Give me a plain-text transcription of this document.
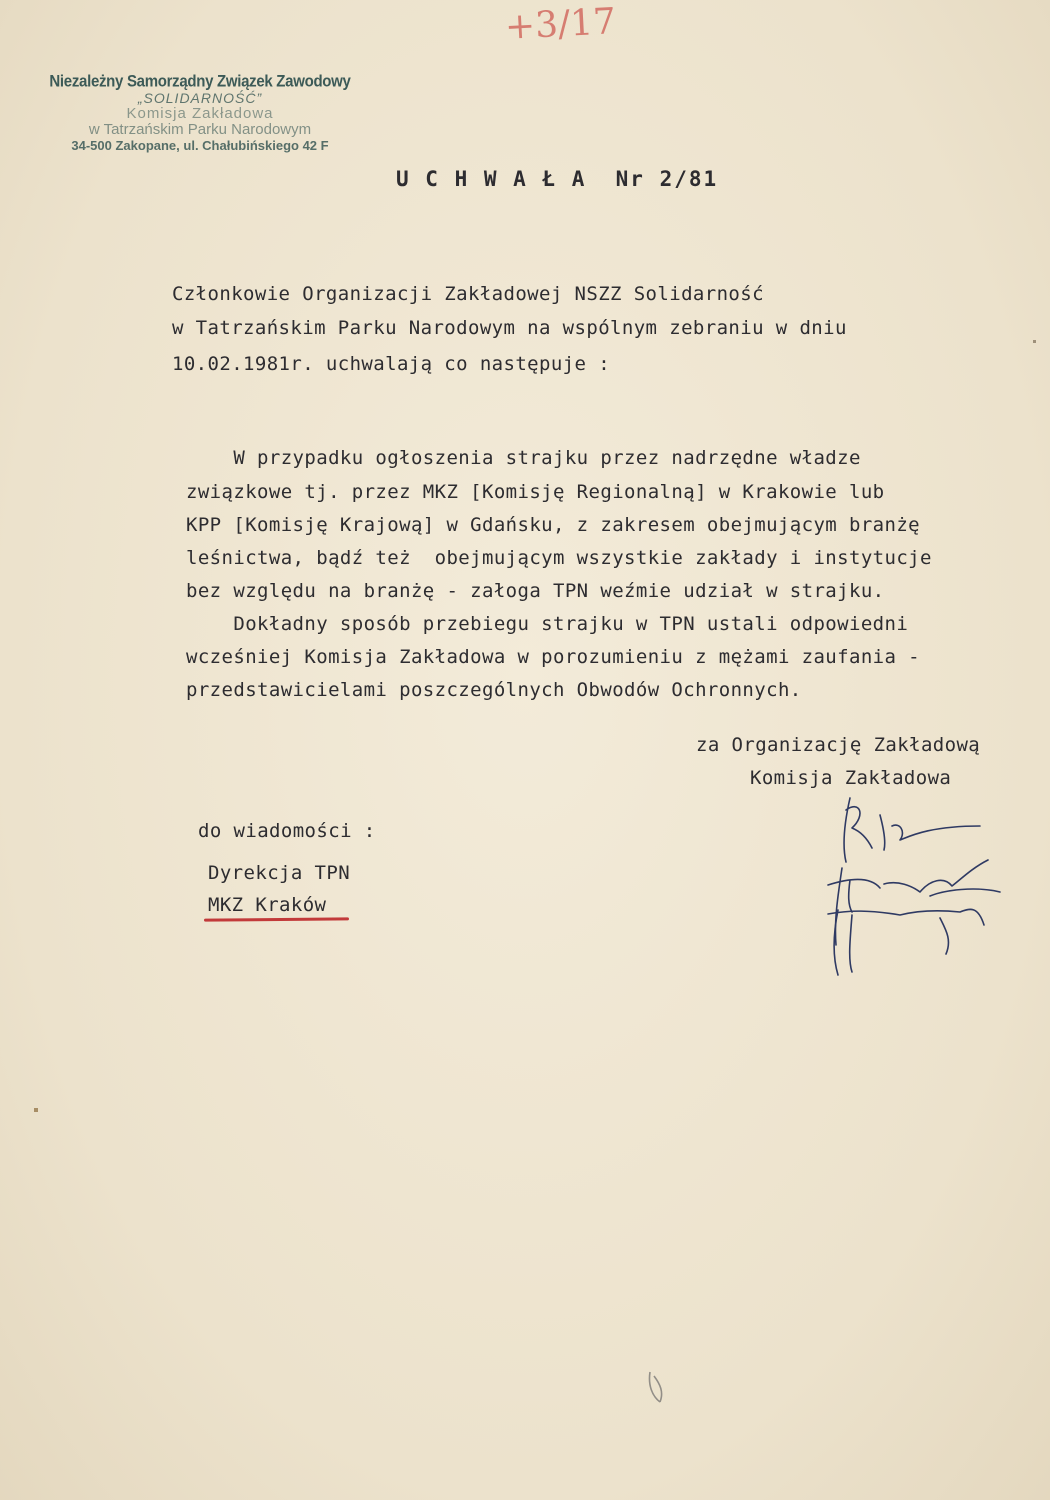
Niezależny Samorządny Związek Zawodowy
„SOLIDARNOŚĆ”
Komisja Zakładowa
w Tatrzańskim Parku Narodowym
34-500 Zakopane, ul. Chałubińskiego 42 F
U C H W A Ł A  Nr 2/81
Członkowie Organizacji Zakładowej NSZZ Solidarność
w Tatrzańskim Parku Narodowym na wspólnym zebraniu w dniu
10.02.1981r. uchwalają co następuje :
W przypadku ogłoszenia strajku przez nadrzędne władze
związkowe tj. przez MKZ [Komisję Regionalną] w Krakowie lub
KPP [Komisję Krajową] w Gdańsku, z zakresem obejmującym branżę
leśnictwa, bądź też  obejmującym wszystkie zakłady i instytucje
bez względu na branżę - załoga TPN weźmie udział w strajku.
Dokładny sposób przebiegu strajku w TPN ustali odpowiedni
wcześniej Komisja Zakładowa w porozumieniu z mężami zaufania -
przedstawicielami poszczególnych Obwodów Ochronnych.
za Organizację Zakładową
Komisja Zakładowa
do wiadomości :
Dyrekcja TPN
MKZ Kraków
+3/17
